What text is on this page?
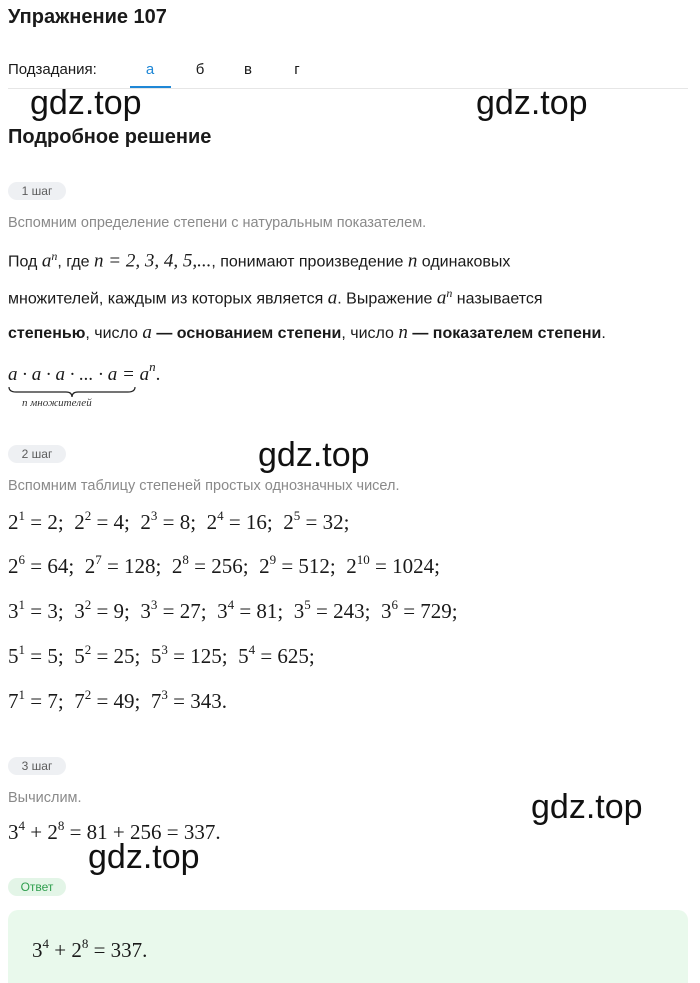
Упражнение 107
Подзадания:	а	б	в	г
Подробное решение
1 шаг
Вспомним определение степени с натуральным показателем.
Под $a^n$, где n = 2, 3, 4, 5,..., понимают произведение n одинаковых
множителей, каждым из которых является a. Выражение $a^n$ называется
степенью, число a — основанием степени, число n — показателем степени.
a · a · a · ... · $a = a^n$.
n множителей
2 шаг
Вспомним таблицу степеней простых однозначных чисел.
$2^1 = 2$; $2^2 = 4$; $2^3 = 8$; $2^4 = 16$; $2^5 = 32$;
$2^6 = 64$; $2^7 = 128$; $2^8 = 256$; $2^9 = 512$; $2^{10} = 1024$;
$3^1 = 3$; $3^2 = 9$; $3^3 = 27$; $3^4 = 81$; $3^5 = 243$; $3^6 = 729$;
$5^1 = 5$; $5^2 = 25$; $5^3 = 125$; $5^4 = 625$;
$7^1 = 7$; $7^2 = 49$; $7^3 = 343$.
3 шаг
Вычислим.
$3^4 + 2^8 = 81 + 256 = 337$.
Ответ
$3^4 + 2^8 = 337$.
gdz.top	gdz.top
gdz.top
gdz.top
gdz.top
